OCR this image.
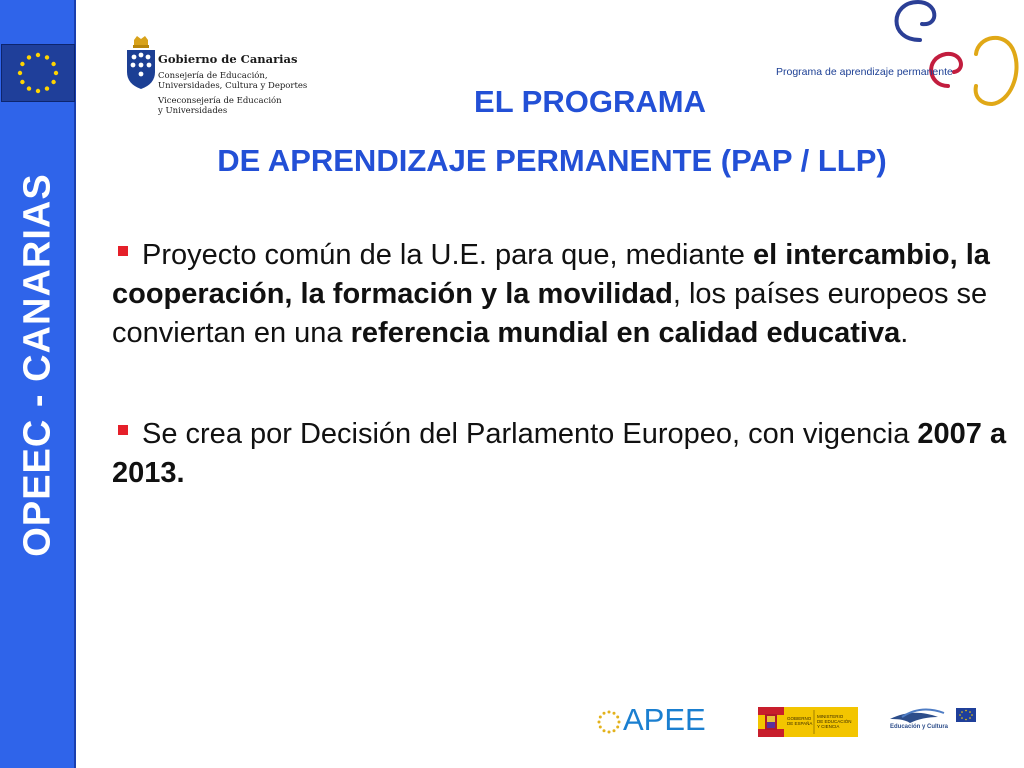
OPEEC - CANARIAS
Gobierno de Canarias
Consejería de Educación,
Universidades, Cultura y Deportes
Viceconsejería de Educación
y Universidades
Programa de aprendizaje permanente
EL PROGRAMA
DE APRENDIZAJE PERMANENTE (PAP / LLP)

Proyecto común de la U.E. para que, mediante el intercambio, la cooperación, la formación y la movilidad, los países europeos se conviertan en una referencia mundial en calidad educativa.

Se crea por Decisión del Parlamento Europeo, con vigencia 2007 a 2013.

APEE	GOBIERNO
DE ESPAÑA
MINISTERIO
DE EDUCACIÓN
Y CIENCIA	Educación y Cultura
